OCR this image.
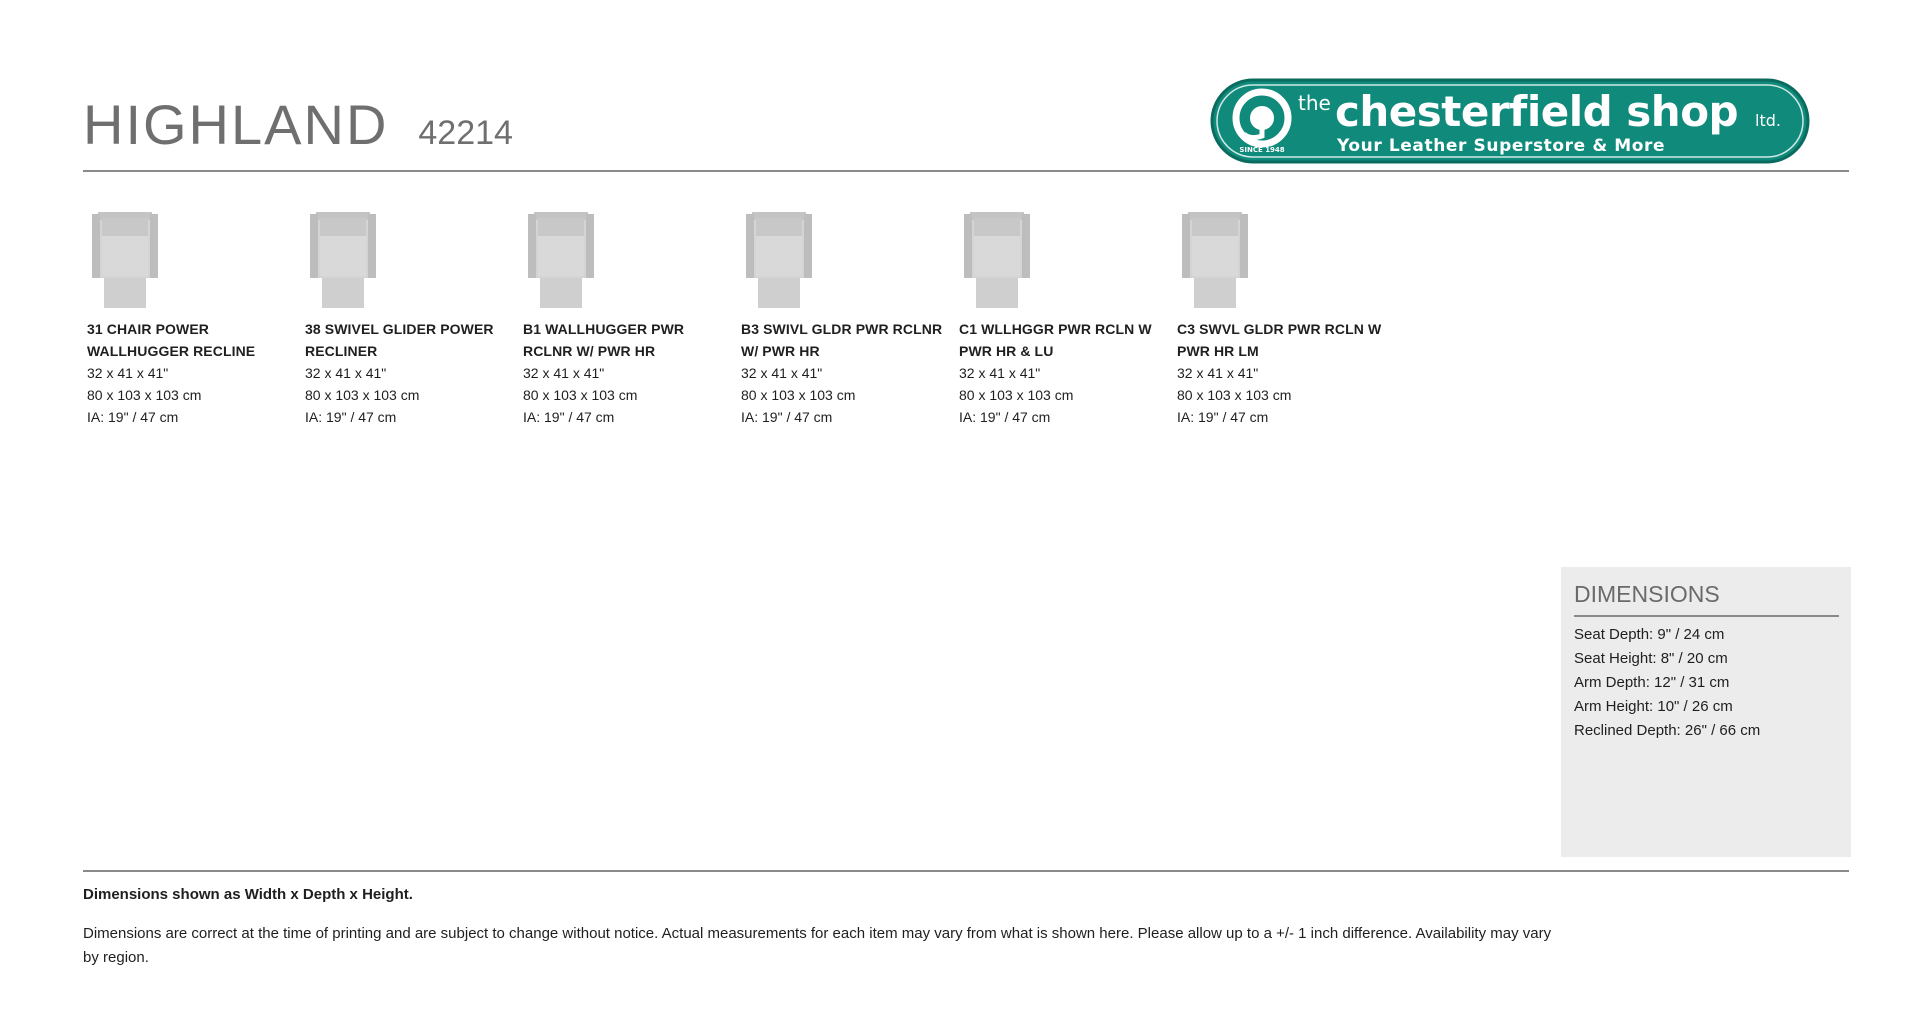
HIGHLAND 42214	SINCE 1948
the chesterfield shop ltd.
Your Leather Superstore & More
31 CHAIR POWER WALLHUGGER RECLINE
32 x 41 x 41"
80 x 103 x 103 cm
IA: 19" / 47 cm
38 SWIVEL GLIDER POWER RECLINER
32 x 41 x 41"
80 x 103 x 103 cm
IA: 19" / 47 cm
B1 WALLHUGGER PWR RCLNR W/ PWR HR
32 x 41 x 41"
80 x 103 x 103 cm
IA: 19" / 47 cm
B3 SWIVL GLDR PWR RCLNR W/ PWR HR
32 x 41 x 41"
80 x 103 x 103 cm
IA: 19" / 47 cm
C1 WLLHGGR PWR RCLN W PWR HR & LU
32 x 41 x 41"
80 x 103 x 103 cm
IA: 19" / 47 cm
C3 SWVL GLDR PWR RCLN W PWR HR LM
32 x 41 x 41"
80 x 103 x 103 cm
IA: 19" / 47 cm
DIMENSIONS
Seat Depth: 9" / 24 cm
Seat Height: 8" / 20 cm
Arm Depth: 12" / 31 cm
Arm Height: 10" / 26 cm
Reclined Depth: 26" / 66 cm
Dimensions shown as Width x Depth x Height.
Dimensions are correct at the time of printing and are subject to change without notice. Actual measurements for each item may vary from what is shown here. Please allow up to a +/- 1 inch difference. Availability may vary by region.
